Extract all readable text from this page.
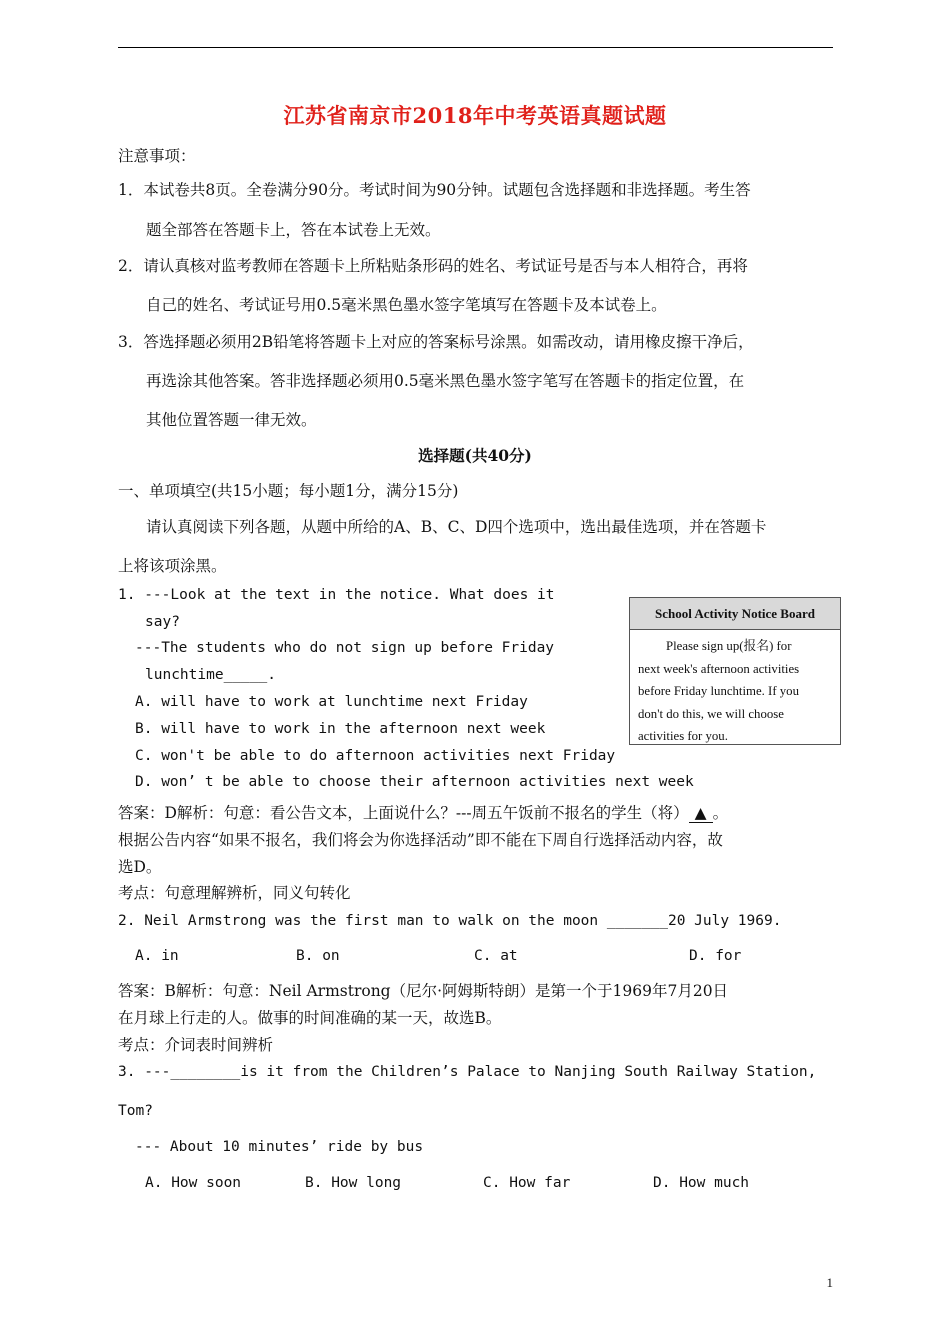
江苏省南京市2018年中考英语真题试题
注意事项：
1．本试卷共8页。全卷满分90分。考试时间为90分钟。试题包含选择题和非选择题。考生答
题全部答在答题卡上，答在本试卷上无效。
2．请认真核对监考教师在答题卡上所粘贴条形码的姓名、考试证号是否与本人相符合，再将
自己的姓名、考试证号用0.5毫米黑色墨水签字笔填写在答题卡及本试卷上。
3．答选择题必须用2B铅笔将答题卡上对应的答案标号涂黑。如需改动，请用橡皮擦干净后，
再选涂其他答案。答非选择题必须用0.5毫米黑色墨水签字笔写在答题卡的指定位置，在
其他位置答题一律无效。
选择题(共40分)
一、单项填空(共15小题；每小题1分，满分15分)
请认真阅读下列各题，从题中所给的A、B、C、D四个选项中，选出最佳选项，并在答题卡
上将该项涂黑。
1. ---Look at the text in the notice. What does it
say?
---The students who do not sign up before Friday
lunchtime_____.
A. will have to work at lunchtime next Friday
B. will have to work in the afternoon next week
C. won't be able to do afternoon activities next Friday
D. won’ t be able to choose their afternoon activities next week
School Activity Notice Board
Please sign up(报名) for
next week's afternoon activities
before Friday lunchtime. If you
don't do this, we will choose
activities for you.
答案：D解析：句意：看公告文本，上面说什么？---周五午饭前不报名的学生（将） ▲ 。
根据公告内容“如果不报名，我们将会为你选择活动”即不能在下周自行选择活动内容，故
选D。
考点：句意理解辨析，同义句转化
2. Neil Armstrong was the first man to walk on the moon _______20 July 1969.
A. in	B. on	C. at	D. for
答案：B解析：句意：Neil Armstrong（尼尔·阿姆斯特朗）是第一个于1969年7月20日
在月球上行走的人。做事的时间准确的某一天，故选B。
考点：介词表时间辨析
3. ---________is it from the Children’s Palace to Nanjing South Railway Station,
Tom?
--- About 10 minutes’ ride by bus
A. How soon	B. How long	C. How far	D. How much
1
